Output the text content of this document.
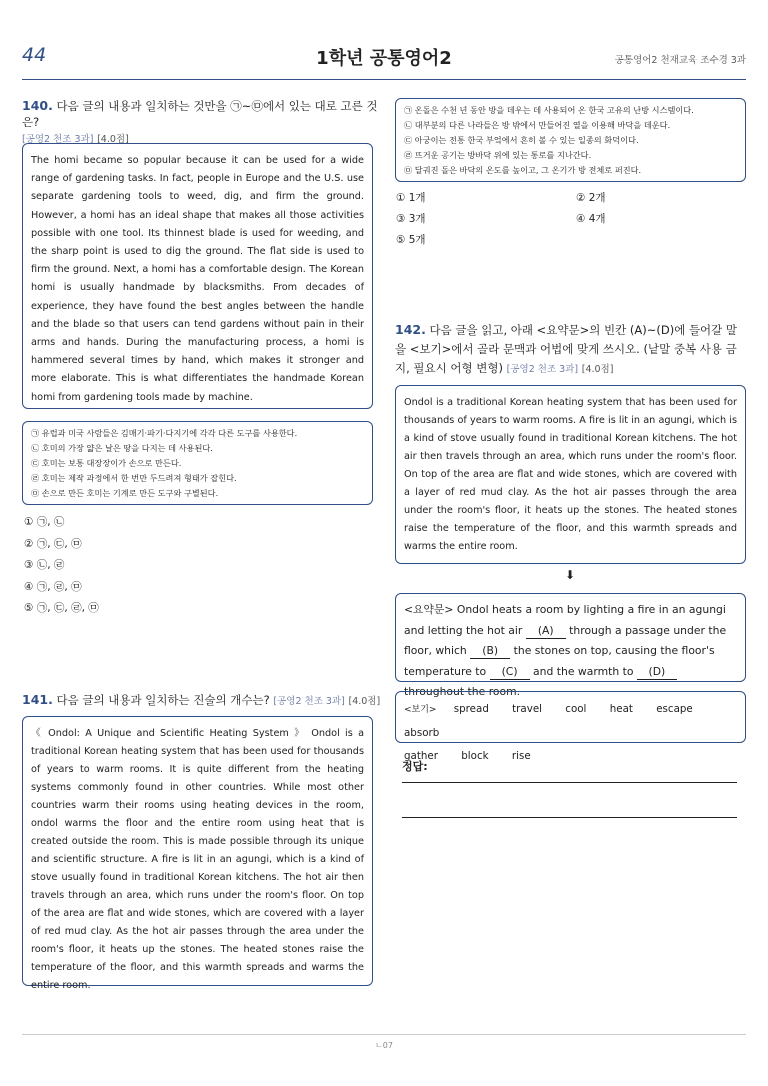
44	1학년 공통영어2	공통영어2 천재교육 조수경 3과
140. 다음 글의 내용과 일치하는 것만을 ㉠~㉤에서 있는 대로 고른 것은?
[공영2 천조 3과] [4.0점]
The homi became so popular because it can be used for a wide range of gardening tasks. In fact, people in Europe and the U.S. use separate gardening tools to weed, dig, and firm the ground. However, a homi has an ideal shape that makes all those activities possible with one tool. Its thinnest blade is used for weeding, and the sharp point is used to dig the ground. The flat side is used to firm the ground. Next, a homi has a comfortable design. The Korean homi is usually handmade by blacksmiths. From decades of experience, they have found the best angles between the handle and the blade so that users can tend gardens without pain in their arms and hands. During the manufacturing process, a homi is hammered several times by hand, which makes it stronger and more elaborate. This is what differentiates the handmade Korean homi from gardening tools made by machine.
㉠ 유럽과 미국 사람들은 김매기·파기·다지기에 각각 다른 도구를 사용한다.
㉡ 호미의 가장 얇은 날은 땅을 다지는 데 사용된다.
㉢ 호미는 보통 대장장이가 손으로 만든다.
㉣ 호미는 제작 과정에서 한 번만 두드려져 형태가 잡힌다.
㉤ 손으로 만든 호미는 기계로 만든 도구와 구별된다.
① ㉠, ㉡
② ㉠, ㉢, ㉤
③ ㉡, ㉣
④ ㉠, ㉣, ㉤
⑤ ㉠, ㉢, ㉣, ㉤
141. 다음 글의 내용과 일치하는 진술의 개수는? [공영2 천조 3과] [4.0점]
《 Ondol: A Unique and Scientific Heating System 》 Ondol is a traditional Korean heating system that has been used for thousands of years to warm rooms. It is quite different from the heating systems commonly found in other countries. While most other countries warm their rooms using heating devices in the room, ondol warms the floor and the entire room using heat that is created outside the room. This is made possible through its unique and scientific structure. A fire is lit in an agungi, which is a kind of stove usually found in traditional Korean kitchens. The hot air then travels through an area, which runs under the room's floor. On top of the area are flat and wide stones, which are covered with a layer of red mud clay. As the hot air passes through the area under the room's floor, it heats up the stones. The heated stones raise the temperature of the floor, and this warmth spreads and warms the entire room.
㉠ 온돌은 수천 년 동안 방을 데우는 데 사용되어 온 한국 고유의 난방 시스템이다.
㉡ 대부분의 다른 나라들은 방 밖에서 만들어진 열을 이용해 바닥을 데운다.
㉢ 아궁이는 전통 한국 부엌에서 흔히 볼 수 있는 일종의 화덕이다.
㉣ 뜨거운 공기는 방바닥 위에 있는 통로를 지나간다.
㉤ 달궈진 돌은 바닥의 온도를 높이고, 그 온기가 방 전체로 퍼진다.
① 1개	② 2개
③ 3개	④ 4개
⑤ 5개
142. 다음 글을 읽고, 아래 <요약문>의 빈칸 (A)~(D)에 들어갈 말을 <보기>에서 골라 문맥과 어법에 맞게 쓰시오. (낱말 중복 사용 금지, 필요시 어형 변형) [공영2 천조 3과] [4.0점]
Ondol is a traditional Korean heating system that has been used for thousands of years to warm rooms. A fire is lit in an agungi, which is a kind of stove usually found in traditional Korean kitchens. The hot air then travels through an area, which runs under the room's floor. On top of the area are flat and wide stones, which are covered with a layer of red mud clay. As the hot air passes through the area under the room's floor, it heats up the stones. The heated stones raise the temperature of the floor, and this warmth spreads and warms the entire room.
⬇
<요약문> Ondol heats a room by lighting a fire in an agungi and letting the hot air (A) through a passage under the floor, which (B) the stones on top, causing the floor's temperature to (C) and the warmth to (D) throughout the room.
<보기> spread travel cool heat escape absorb
gather block rise
정답:
ㄴ07
